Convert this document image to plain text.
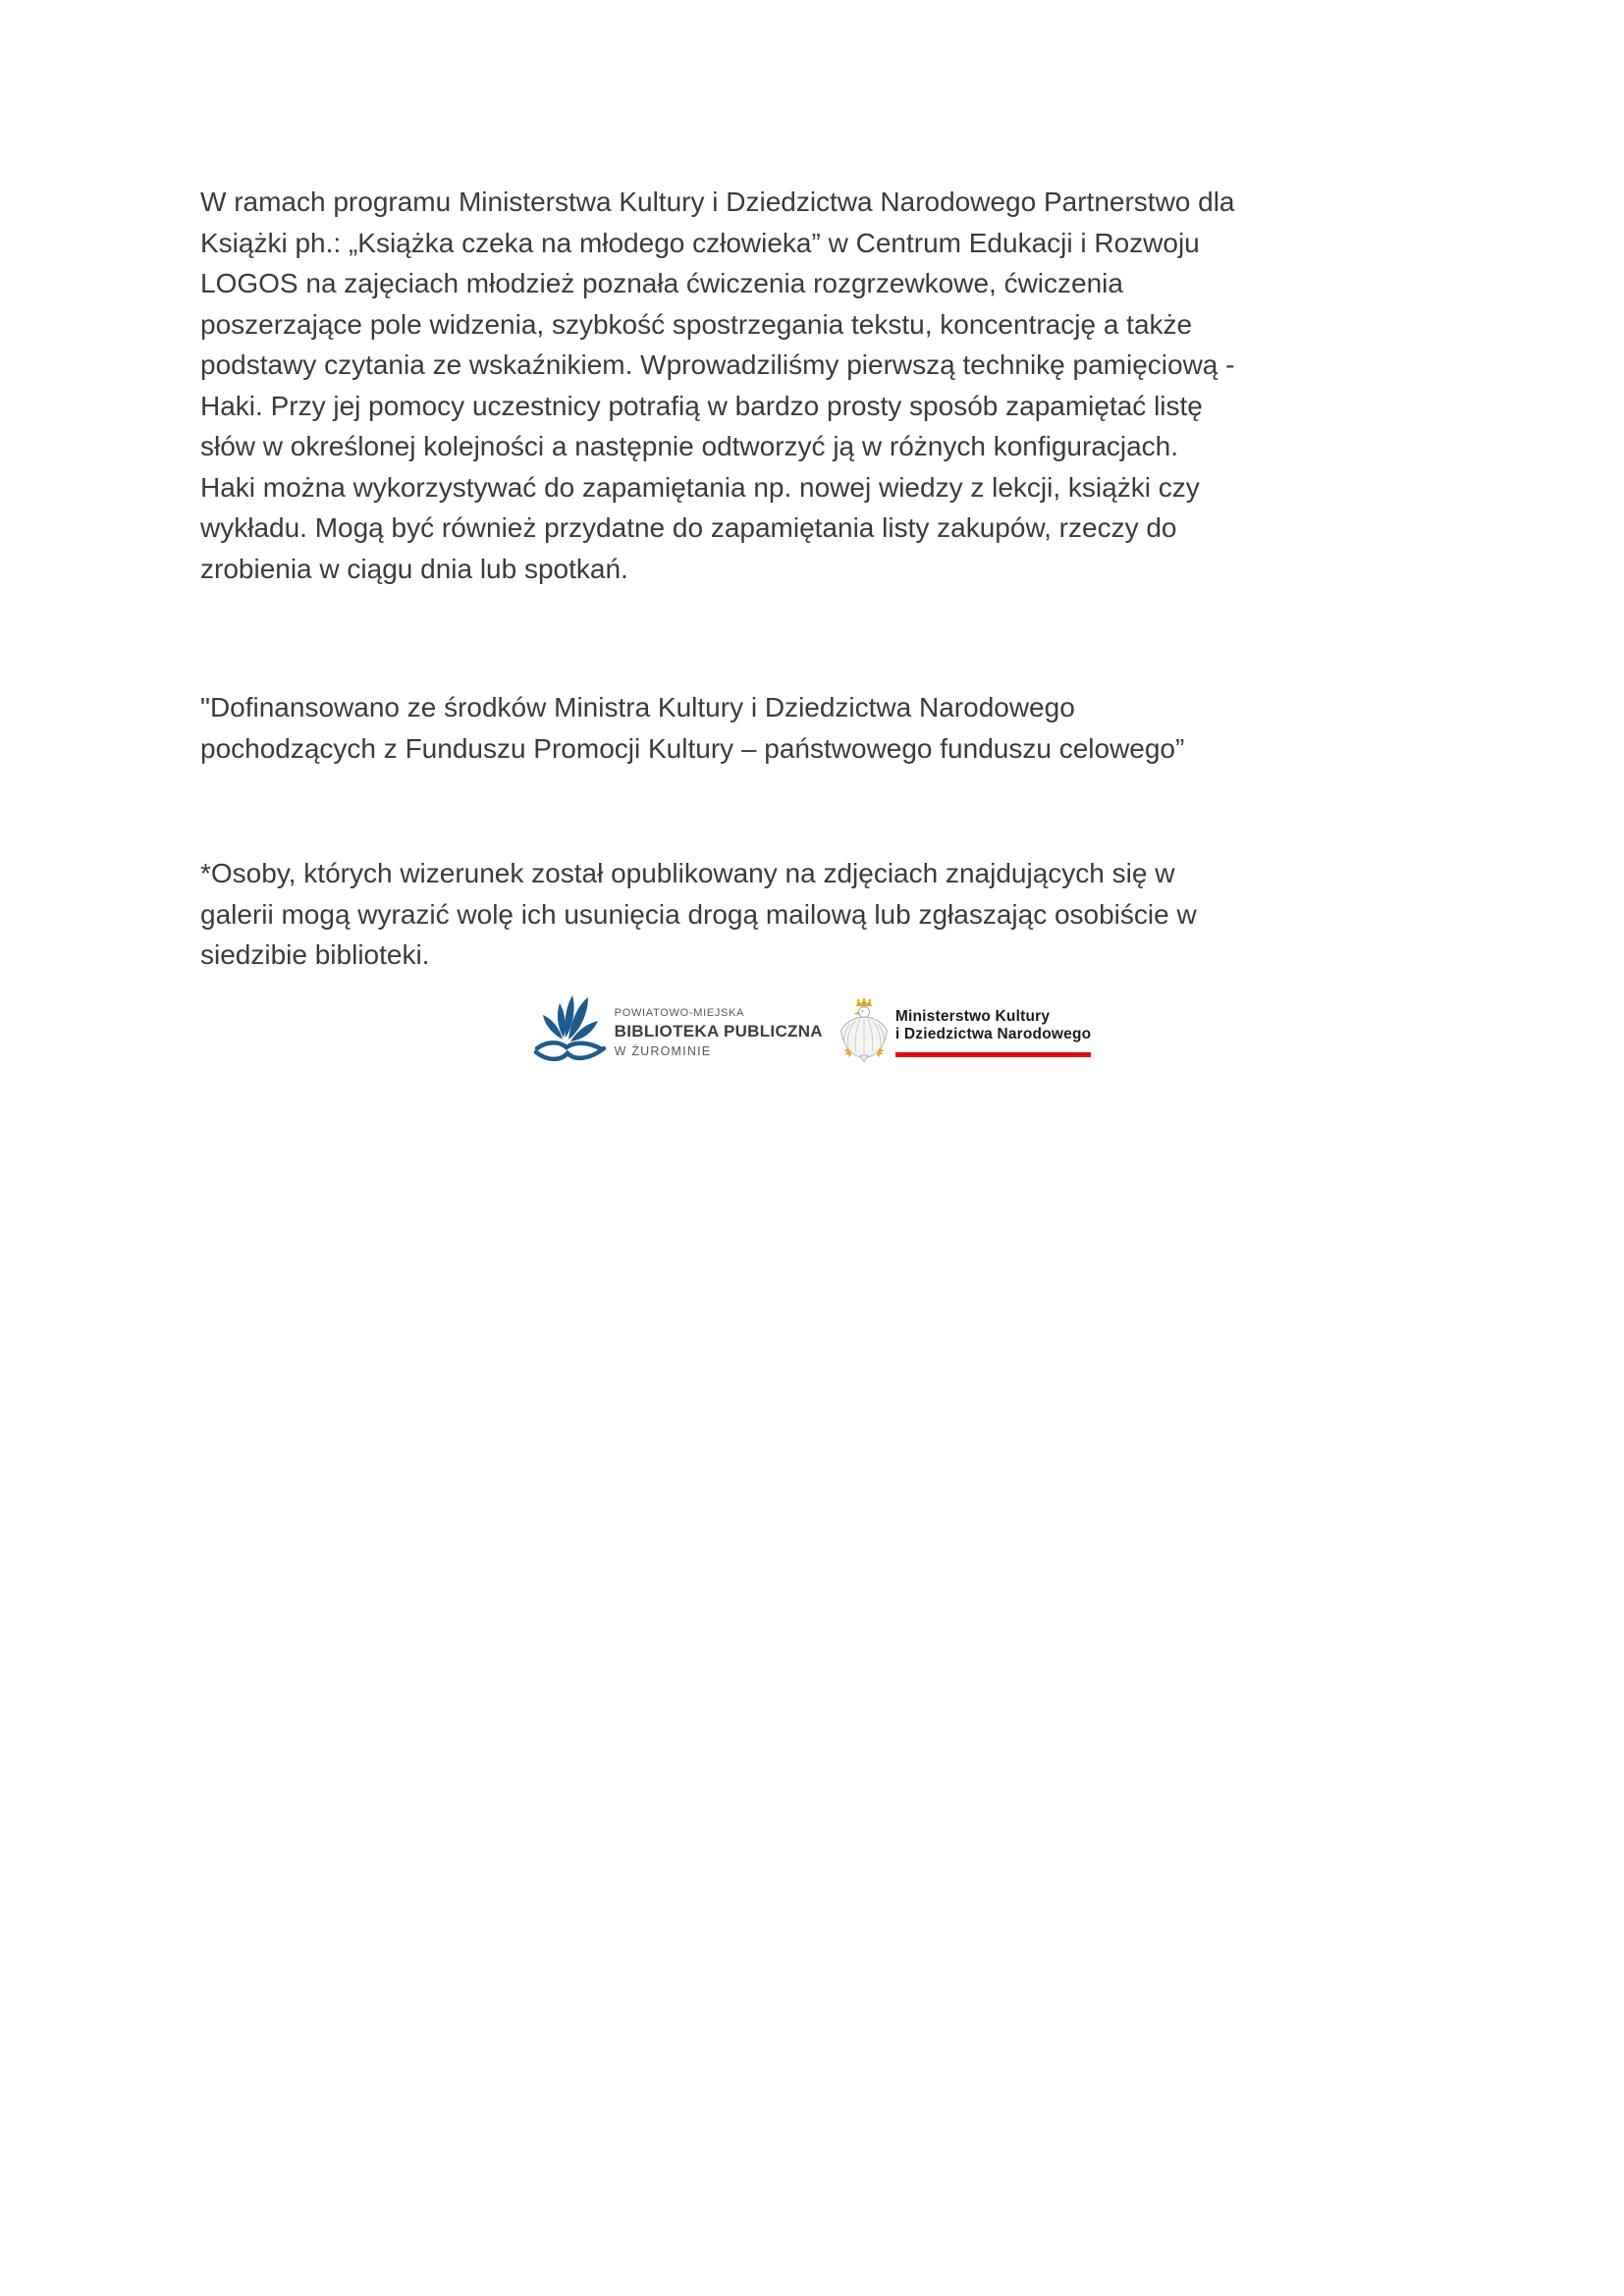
W ramach programu Ministerstwa Kultury i Dziedzictwa Narodowego Partnerstwo dla
Książki ph.: „Książka czeka na młodego człowieka” w Centrum Edukacji i Rozwoju
LOGOS na zajęciach młodzież poznała ćwiczenia rozgrzewkowe, ćwiczenia
poszerzające pole widzenia, szybkość spostrzegania tekstu, koncentrację a także
podstawy czytania ze wskaźnikiem. Wprowadziliśmy pierwszą technikę pamięciową -
Haki. Przy jej pomocy uczestnicy potrafią w bardzo prosty sposób zapamiętać listę
słów w określonej kolejności a następnie odtworzyć ją w różnych konfiguracjach.
Haki można wykorzystywać do zapamiętania np. nowej wiedzy z lekcji, książki czy
wykładu. Mogą być również przydatne do zapamiętania listy zakupów, rzeczy do
zrobienia w ciągu dnia lub spotkań.
"Dofinansowano ze środków Ministra Kultury i Dziedzictwa Narodowego
pochodzących z Funduszu Promocji Kultury – państwowego funduszu celowego”
*Osoby, których wizerunek został opublikowany na zdjęciach znajdujących się w
galerii mogą wyrazić wolę ich usunięcia drogą mailową lub zgłaszając osobiście w
siedzibie biblioteki.
POWIATOWO-MIEJSKA
BIBLIOTEKA PUBLICZNA
W ŻUROMINIE
Ministerstwo Kultury
i Dziedzictwa Narodowego
